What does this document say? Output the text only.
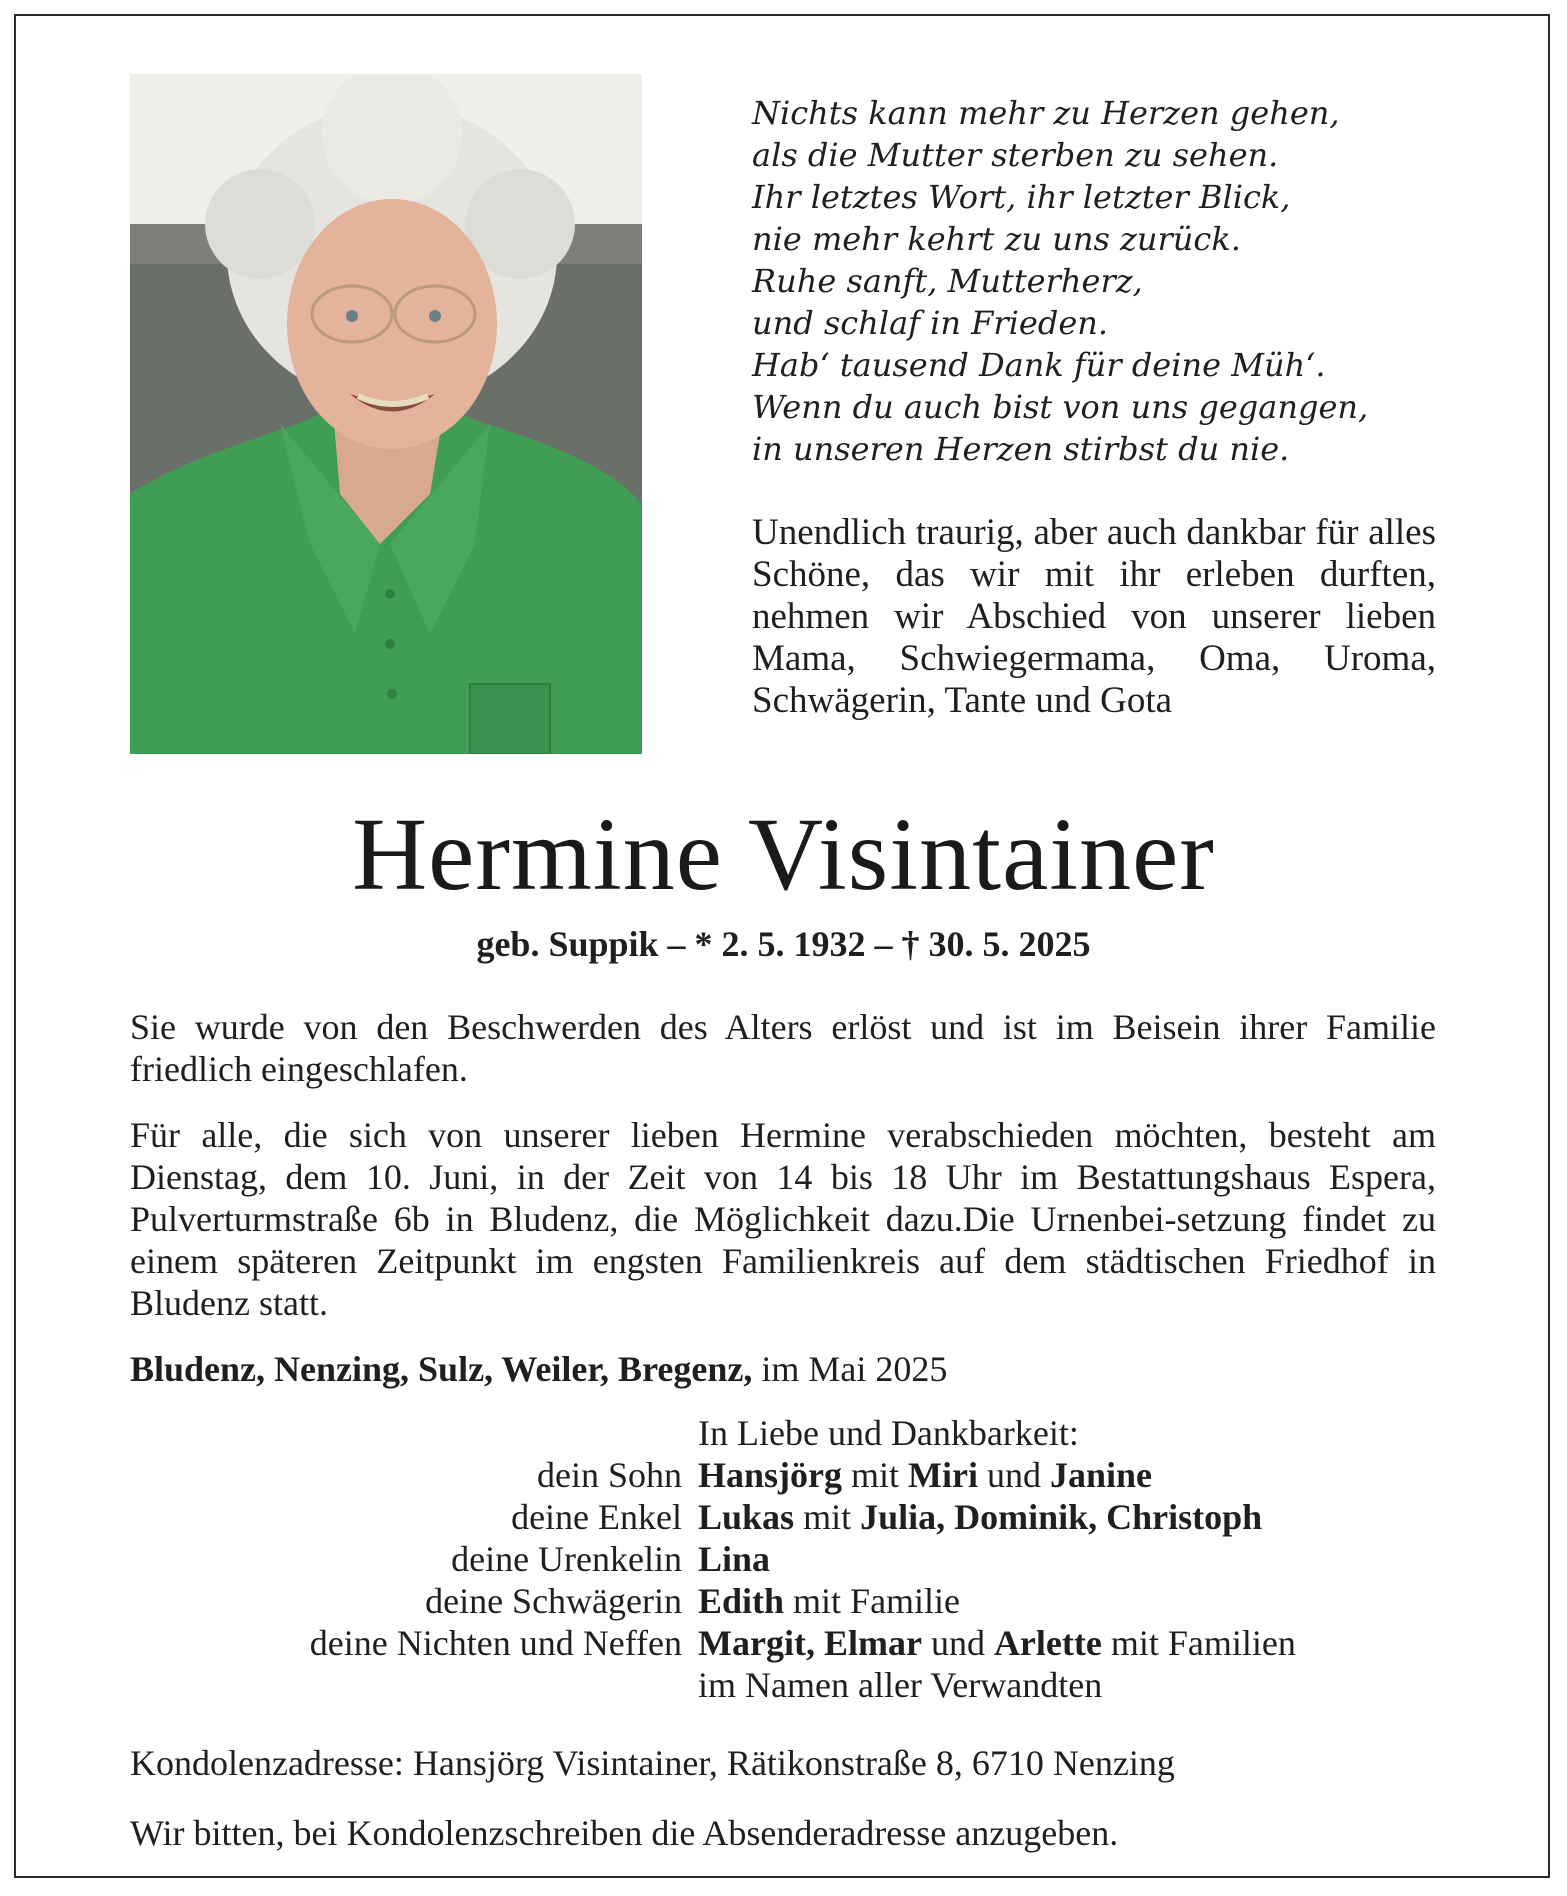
Nichts kann mehr zu Herzen gehen,
als die Mutter sterben zu sehen.
Ihr letztes Wort, ihr letzter Blick,
nie mehr kehrt zu uns zurück.
Ruhe sanft, Mutterherz,
und schlaf in Frieden.
Hab‘ tausend Dank für deine Müh‘.
Wenn du auch bist von uns gegangen,
in unseren Herzen stirbst du nie.
Unendlich traurig, aber auch dankbar für alles Schöne, das wir mit ihr erleben durften, nehmen wir Abschied von unserer lieben Mama, Schwiegermama, Oma, Uroma, Schwägerin, Tante und Gota
Hermine Visintainer
geb. Suppik – * 2. 5. 1932 – † 30. 5. 2025
Sie wurde von den Beschwerden des Alters erlöst und ist im Beisein ihrer Familie friedlich eingeschlafen.
Für alle, die sich von unserer lieben Hermine verabschieden möchten, besteht am Dienstag, dem 10. Juni, in der Zeit von 14 bis 18 Uhr im Bestattungshaus Espera, Pulverturmstraße 6b in Bludenz, die Möglichkeit dazu.Die Urnenbei-setzung findet zu einem späteren Zeitpunkt im engsten Familienkreis auf dem städtischen Friedhof in Bludenz statt.
Bludenz, Nenzing, Sulz, Weiler, Bregenz, im Mai 2025
In Liebe und Dankbarkeit:
dein Sohn Hansjörg mit Miri und Janine
deine Enkel Lukas mit Julia, Dominik, Christoph
deine Urenkelin Lina
deine Schwägerin Edith mit Familie
deine Nichten und Neffen Margit, Elmar und Arlette mit Familien
im Namen aller Verwandten
Kondolenzadresse: Hansjörg Visintainer, Rätikonstraße 8, 6710 Nenzing
Wir bitten, bei Kondolenzschreiben die Absenderadresse anzugeben.
